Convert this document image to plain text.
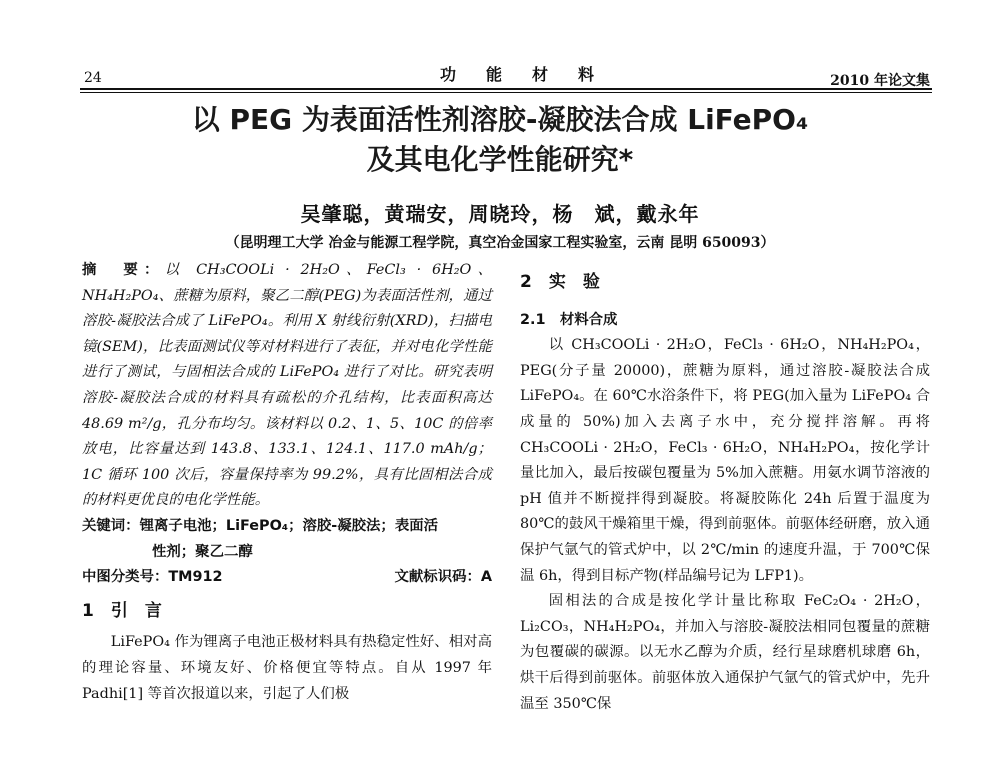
24	功能材料	2010 年论文集
以 PEG 为表面活性剂溶胶-凝胶法合成 LiFePO₄
及其电化学性能研究*
吴肇聪，黄瑞安，周晓玲，杨　斌，戴永年
（昆明理工大学 冶金与能源工程学院，真空冶金国家工程实验室，云南 昆明 650093）

摘　要：以 CH₃COOLi · 2H₂O、FeCl₃ · 6H₂O、NH₄H₂PO₄、蔗糖为原料，聚乙二醇(PEG)为表面活性剂，通过溶胶-凝胶法合成了 LiFePO₄。利用 X 射线衍射(XRD)，扫描电镜(SEM)，比表面测试仪等对材料进行了表征，并对电化学性能进行了测试，与固相法合成的 LiFePO₄ 进行了对比。研究表明溶胶-凝胶法合成的材料具有疏松的介孔结构，比表面积高达48.69 m²/g，孔分布均匀。该材料以 0.2、1、5、10C 的倍率放电，比容量达到 143.8、133.1、124.1、117.0 mAh/g；1C 循环 100 次后，容量保持率为 99.2%，具有比固相法合成的材料更优良的电化学性能。

关键词：锂离子电池；LiFePO₄；溶胶-凝胶法；表面活

性剂；聚乙二醇

中图分类号：TM912	文献标识码：A

1　引　言

LiFePO₄ 作为锂离子电池正极材料具有热稳定性好、相对高的理论容量、环境友好、价格便宜等特点。自从 1997 年 Padhi[1] 等首次报道以来，引起了人们极

2　实　验

2.1　材料合成

以 CH₃COOLi · 2H₂O，FeCl₃ · 6H₂O，NH₄H₂PO₄，PEG(分子量 20000)，蔗糖为原料，通过溶胶-凝胶法合成 LiFePO₄。在 60℃水浴条件下，将 PEG(加入量为 LiFePO₄ 合成量的 50%)加入去离子水中，充分搅拌溶解。再将 CH₃COOLi · 2H₂O，FeCl₃ · 6H₂O，NH₄H₂PO₄，按化学计量比加入，最后按碳包覆量为 5%加入蔗糖。用氨水调节溶液的 pH 值并不断搅拌得到凝胶。将凝胶陈化 24h 后置于温度为 80℃的鼓风干燥箱里干燥，得到前驱体。前驱体经研磨，放入通保护气氩气的管式炉中，以 2℃/min 的速度升温，于 700℃保温 6h，得到目标产物(样品编号记为 LFP1)。

固相法的合成是按化学计量比称取 FeC₂O₄ · 2H₂O，Li₂CO₃，NH₄H₂PO₄，并加入与溶胶-凝胶法相同包覆量的蔗糖为包覆碳的碳源。以无水乙醇为介质，经行星球磨机球磨 6h，烘干后得到前驱体。前驱体放入通保护气氩气的管式炉中，先升温至 350℃保
